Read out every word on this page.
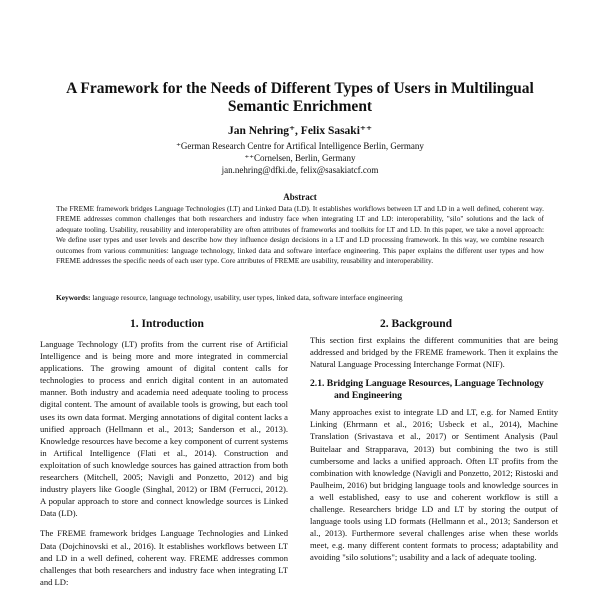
A Framework for the Needs of Different Types of Users in Multilingual Semantic Enrichment
Jan Nehring⁺, Felix Sasaki⁺⁺
⁺German Research Centre for Artifical Intelligence Berlin, Germany
⁺⁺Cornelsen, Berlin, Germany
jan.nehring@dfki.de, felix@sasakiatcf.com
Abstract
The FREME framework bridges Language Technologies (LT) and Linked Data (LD). It establishes workflows between LT and LD in a well defined, coherent way. FREME addresses common challenges that both researchers and industry face when integrating LT and LD: interoperability, "silo" solutions and the lack of adequate tooling. Usability, reusability and interoperability are often attributes of frameworks and toolkits for LT and LD. In this paper, we take a novel approach: We define user types and user levels and describe how they influence design decisions in a LT and LD processing framework. In this way, we combine research outcomes from various communities: language technology, linked data and software interface engineering. This paper explains the different user types and how FREME addresses the specific needs of each user type. Core attributes of FREME are usability, reusability and interoperability.
Keywords: language resource, language technology, usability, user types, linked data, software interface engineering
1. Introduction

Language Technology (LT) profits from the current rise of Artificial Intelligence and is being more and more integrated in commercial applications. The growing amount of digital content calls for technologies to process and enrich digital content in an automated manner. Both industry and academia need adequate tooling to process digital content. The amount of available tools is growing, but each tool uses its own data format. Merging annotations of digital content lacks a unified approach (Hellmann et al., 2013; Sanderson et al., 2013). Knowledge resources have become a key component of current systems in Artifical Intelligence (Flati et al., 2014). Construction and exploitation of such knowledge sources has gained attraction from both researchers (Mitchell, 2005; Navigli and Ponzetto, 2012) and big industry players like Google (Singhal, 2012) or IBM (Ferrucci, 2012). A popular approach to store and connect knowledge sources is Linked Data (LD).

The FREME framework bridges Language Technologies and Linked Data (Dojchinovski et al., 2016). It establishes workflows between LT and LD in a well defined, coherent way. FREME addresses common challenges that both researchers and industry face when integrating LT and LD:

2. Background

This section first explains the different communities that are being addressed and bridged by the FREME framework. Then it explains the Natural Language Processing Interchange Format (NIF).

2.1. Bridging Language Resources, Language Technology and Engineering

Many approaches exist to integrate LD and LT, e.g. for Named Entity Linking (Ehrmann et al., 2016; Usbeck et al., 2014), Machine Translation (Srivastava et al., 2017) or Sentiment Analysis (Paul Buitelaar and Strapparava, 2013) but combining the two is still cumbersome and lacks a unified approach. Often LT profits from the combination with knowledge (Navigli and Ponzetto, 2012; Ristoski and Paulheim, 2016) but bridging language tools and knowledge sources in a well established, easy to use and coherent workflow is still a challenge. Researchers bridge LD and LT by storing the output of language tools using LD formats (Hellmann et al., 2013; Sanderson et al., 2013). Furthermore several challenges arise when these worlds meet, e.g. many different content formats to process; adaptability and avoiding "silo solutions"; usability and a lack of adequate tooling.
